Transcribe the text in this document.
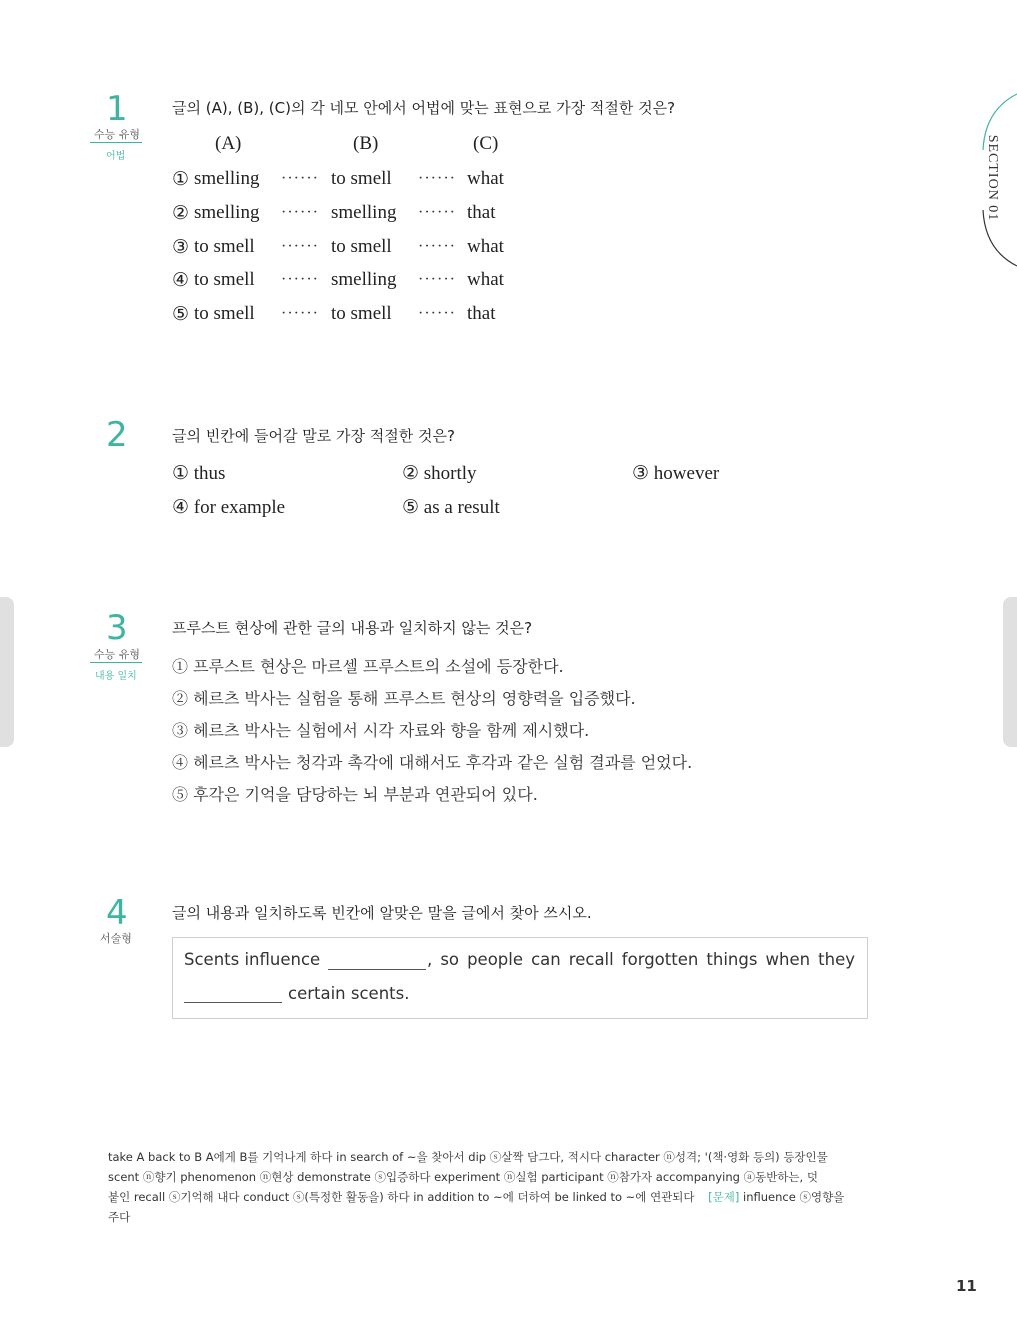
SECTION 01
1
수능 유형
어법
글의 (A), (B), (C)의 각 네모 안에서 어법에 맞는 표현으로 가장 적절한 것은?
(A)	(B)	(C)
① smelling ······ to smell ······ what
② smelling ······ smelling ······ that
③ to smell ······ to smell ······ what
④ to smell ······ smelling ······ what
⑤ to smell ······ to smell ······ that
2	글의 빈칸에 들어갈 말로 가장 적절한 것은?
① thus	② shortly	③ however
④ for example	⑤ as a result
3
수능 유형
내용 일치
프루스트 현상에 관한 글의 내용과 일치하지 않는 것은?
① 프루스트 현상은 마르셀 프루스트의 소설에 등장한다.
② 헤르츠 박사는 실험을 통해 프루스트 현상의 영향력을 입증했다.
③ 헤르츠 박사는 실험에서 시각 자료와 향을 함께 제시했다.
④ 헤르츠 박사는 청각과 촉각에 대해서도 후각과 같은 실험 결과를 얻었다.
⑤ 후각은 기억을 담당하는 뇌 부분과 연관되어 있다.
4
서술형
글의 내용과 일치하도록 빈칸에 알맞은 말을 글에서 찾아 쓰시오.
Scents influence	, so people can recall forgotten things when they
certain scents.
take A back to B A에게 B를 기억나게 하다 in search of ~을 찾아서 dip ⓢ살짝 담그다, 적시다 character ⓝ성격; '(책·영화 등의) 등장인물
scent ⓝ향기 phenomenon ⓝ현상 demonstrate ⓢ입증하다 experiment ⓝ실험 participant ⓝ참가자 accompanying ⓐ동반하는, 덧
붙인 recall ⓢ기억해 내다 conduct ⓢ(특정한 활동을) 하다 in addition to ~에 더하여 be linked to ~에 연관되다 [문제] influence ⓢ영향을
주다
11
